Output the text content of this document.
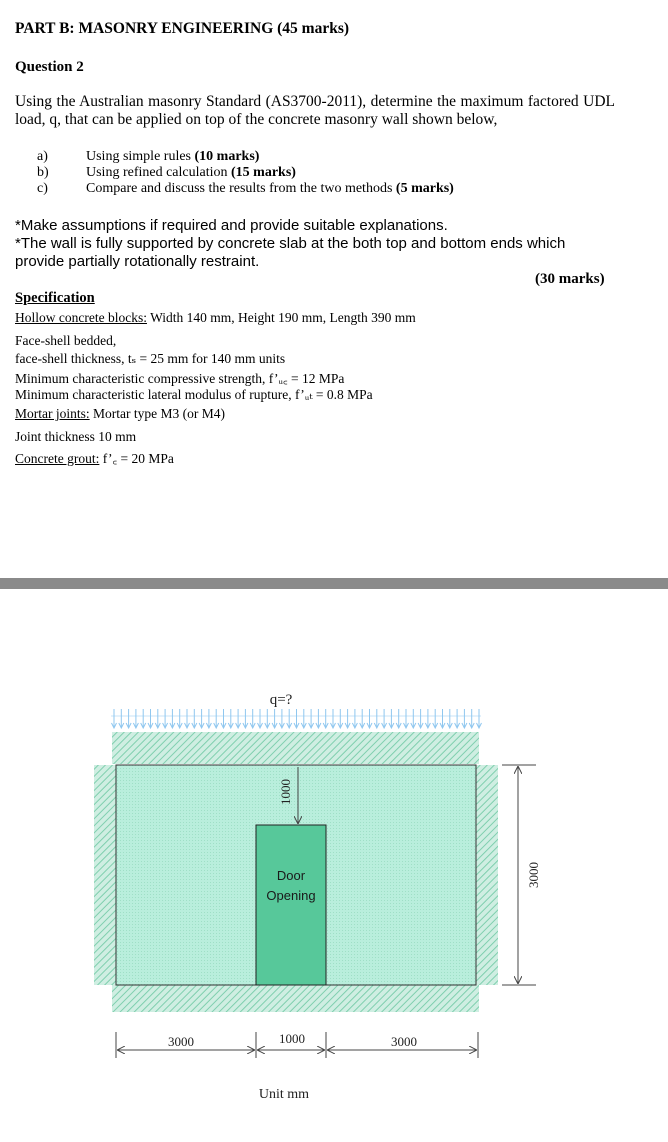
PART B: MASONRY ENGINEERING (45 marks)
Question 2
Using the Australian masonry Standard (AS3700-2011), determine the maximum factored UDL load, q, that can be applied on top of the concrete masonry wall shown below,
a)	Using simple rules (10 marks)
b)	Using refined calculation (15 marks)
c)	Compare and discuss the results from the two methods (5 marks)
*Make assumptions if required and provide suitable explanations.
*The wall is fully supported by concrete slab at the both top and bottom ends which provide partially rotationally restraint.
(30 marks)
Specification
Hollow concrete blocks: Width 140 mm, Height 190 mm, Length 390 mm
Face-shell bedded,
face-shell thickness, tₛ = 25 mm for 140 mm units
Minimum characteristic compressive strength, f’ᵤ꜀ = 12 MPa
Minimum characteristic lateral modulus of rupture, f’ᵤₜ = 0.8 MPa
Mortar joints: Mortar type M3 (or M4)
Joint thickness 10 mm
Concrete grout: f’꜀ = 20 MPa
q=?
Door
Opening
1000
3000
3000	1000	3000
Unit mm
